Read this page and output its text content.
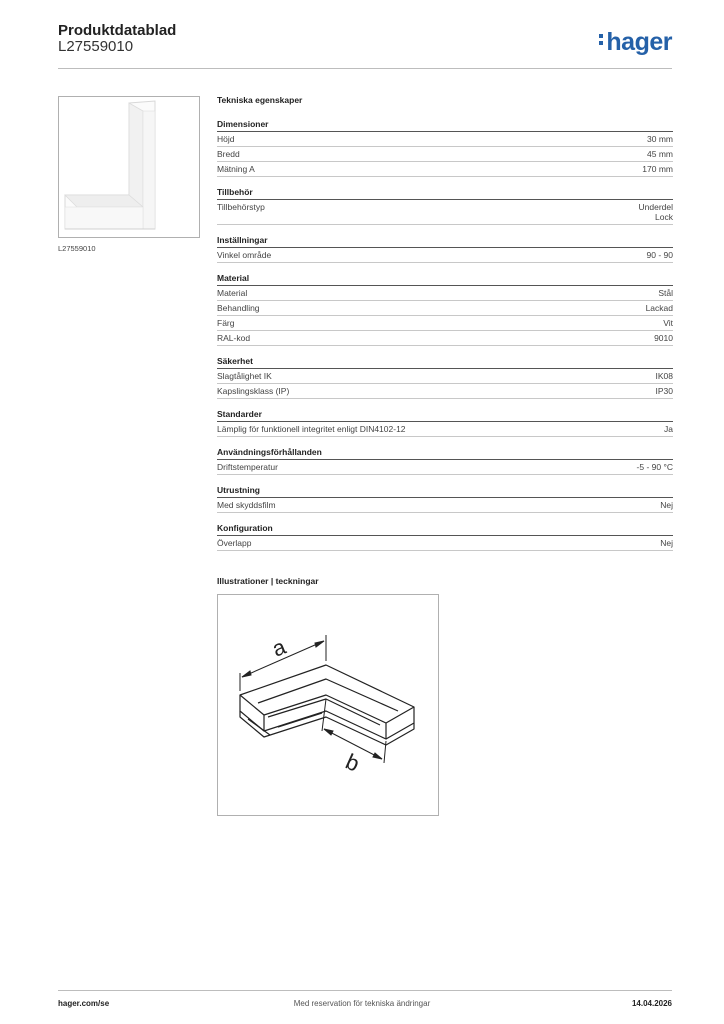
Produktdatablad
L27559010	hager
L27559010
Tekniska egenskaper
Dimensioner
Höjd	30 mm
Bredd	45 mm
Mätning A	170 mm
Tillbehör
Tillbehörstyp	Underdel
Lock
Inställningar
Vinkel område	90 - 90
Material
Material	Stål
Behandling	Lackad
Färg	Vit
RAL-kod	9010
Säkerhet
Slagtålighet IK	IK08
Kapslingsklass (IP)	IP30
Standarder
Lämplig för funktionell integritet enligt DIN4102-12	Ja
Användningsförhållanden
Driftstemperatur	-5 - 90 °C
Utrustning
Med skyddsfilm	Nej
Konfiguration
Överlapp	Nej
Illustrationer | teckningar
a
b
hager.com/se	Med reservation för tekniska ändringar	14.04.2026
